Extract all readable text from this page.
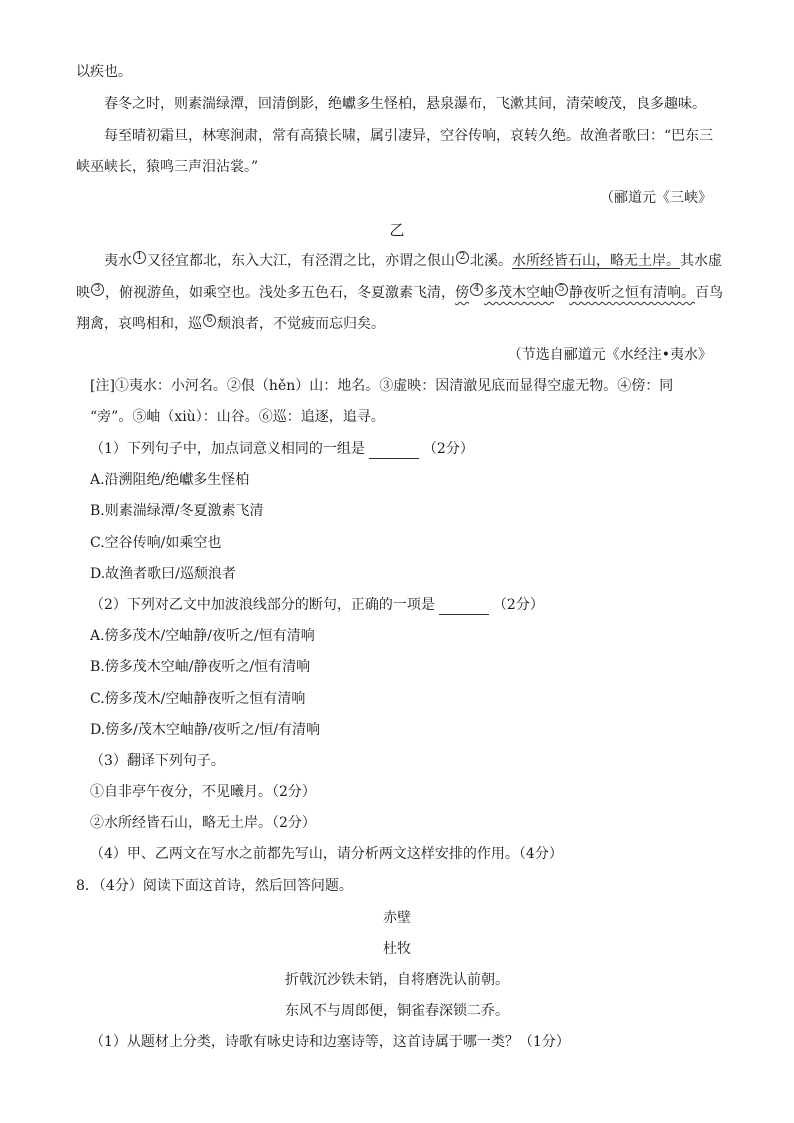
以疾也。
春冬之时，则素湍绿潭，回清倒影，绝巘多生怪柏，悬泉瀑布，飞漱其间，清荣峻茂，良多趣味。
每至晴初霜旦，林寒涧肃，常有高猿长啸，属引凄异，空谷传响，哀转久绝。故渔者歌曰：“巴东三
峡巫峡长，猿鸣三声泪沾裳。”
（郦道元《三峡》
乙
夷水 $^1$ 又径宜都北，东入大江，有泾渭之比，亦谓之佷山 $^2$ 北溪。水所经皆石山，略无土岸。其水虚
映 $^3$ ，俯视游鱼，如乘空也。浅处多五色石，冬夏激素飞清，傍 $^4$ 多茂木空岫 $^5$ 静夜听之恒有清响。百鸟
翔禽，哀鸣相和，巡 $^6$ 颓浪者，不觉疲而忘归矣。
（节选自郦道元《水经注•夷水》
[注]①夷水：小河名。②佷（hěn）山：地名。③虚映：因清澈见底而显得空虚无物。④傍：同
“旁”。⑤岫（xiù）：山谷。⑥巡：追逐，追寻。
（1）下列句子中，加点词意义相同的一组是	（2分）
A.沿溯阻绝/绝巘多生怪柏
B.则素湍绿潭/冬夏激素飞清
C.空谷传响/如乘空也
D.故渔者歌曰/巡颓浪者
（2）下列对乙文中加波浪线部分的断句，正确的一项是	（2分）
A.傍多茂木/空岫静/夜听之/恒有清响
B.傍多茂木空岫/静夜听之/恒有清响
C.傍多茂木/空岫静夜听之恒有清响
D.傍多/茂木空岫静/夜听之/恒/有清响
（3）翻译下列句子。
①自非亭午夜分，不见曦月。（2分）
②水所经皆石山，略无土岸。（2分）
（4）甲、乙两文在写水之前都先写山，请分析两文这样安排的作用。（4分）
8．（4分）阅读下面这首诗，然后回答问题。
赤壁
杜牧
折戟沉沙铁未销，自将磨洗认前朝。
东风不与周郎便，铜雀春深锁二乔。
（1）从题材上分类，诗歌有咏史诗和边塞诗等，这首诗属于哪一类？（1分）
